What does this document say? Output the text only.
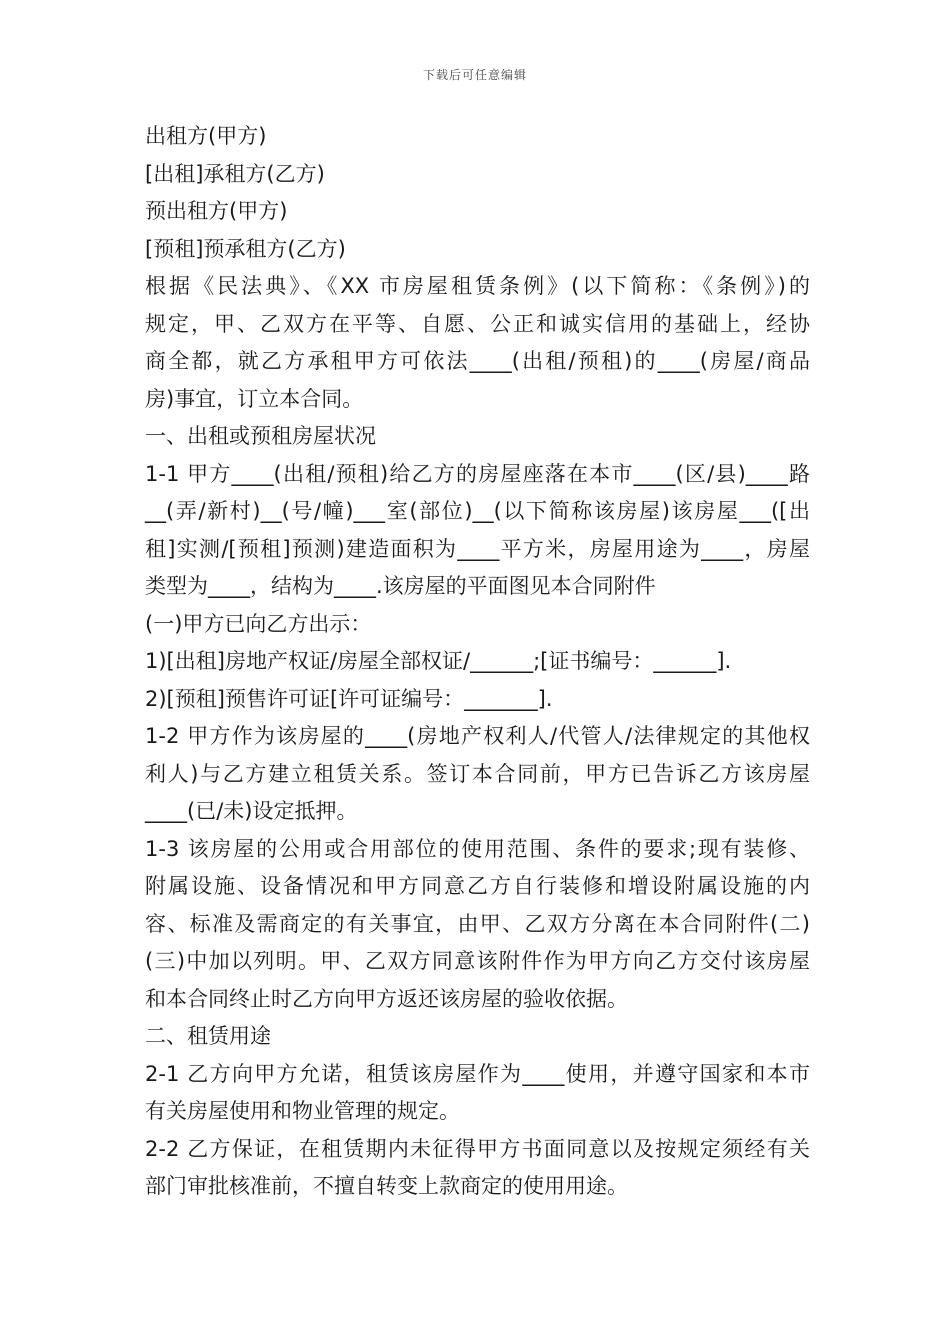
下载后可任意编辑

出租方(甲方)

[出租]承租方(乙方)

预出租方(甲方)

[预租]预承租方(乙方)

根据《民法典》、《XX 市房屋租赁条例》(以下简称：《条例》)的
规定，甲、乙双方在平等、自愿、公正和诚实信用的基础上，经协
商全都，就乙方承租甲方可依法____(出租/预租)的____(房屋/商品
房)事宜，订立本合同。

一、出租或预租房屋状况

1-1 甲方____(出租/预租)给乙方的房屋座落在本市____(区/县)____路
__(弄/新村)__(号/幢)___室(部位)__(以下简称该房屋)该房屋___([出
租]实测/[预租]预测)建造面积为____平方米，房屋用途为____，房屋
类型为____，结构为____.该房屋的平面图见本合同附件

(一)甲方已向乙方出示：

1)[出租]房地产权证/房屋全部权证/______;[证书编号：______].

2)[预租]预售许可证[许可证编号：_______].

1-2 甲方作为该房屋的____(房地产权利人/代管人/法律规定的其他权
利人)与乙方建立租赁关系。签订本合同前，甲方已告诉乙方该房屋
____(已/未)设定抵押。
1-3 该房屋的公用或合用部位的使用范围、条件的要求;现有装修、
附属设施、设备情况和甲方同意乙方自行装修和增设附属设施的内
容、标准及需商定的有关事宜，由甲、乙双方分离在本合同附件(二)
(三)中加以列明。甲、乙双方同意该附件作为甲方向乙方交付该房屋
和本合同终止时乙方向甲方返还该房屋的验收依据。

二、租赁用途

2-1 乙方向甲方允诺，租赁该房屋作为____使用，并遵守国家和本市
有关房屋使用和物业管理的规定。
2-2 乙方保证，在租赁期内未征得甲方书面同意以及按规定须经有关
部门审批核准前，不擅自转变上款商定的使用用途。
